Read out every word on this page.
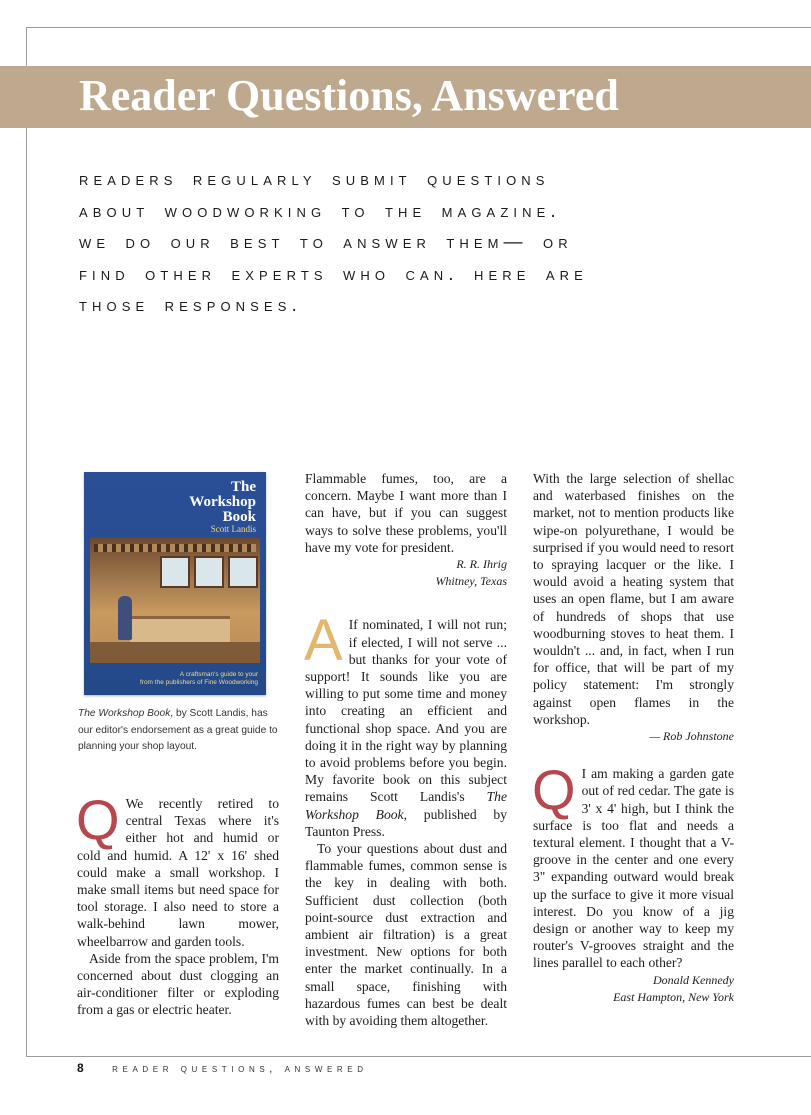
Reader Questions, Answered

readers regularly submit questions
about woodworking to the magazine.
we do our best to answer them— or
find other experts who can. here are
those responses.

The
Workshop
Book
Scott Landis
A craftsman's guide to your
from the publishers of Fine Woodworking

The Workshop Book, by Scott Landis, has our editor's endorsement as a great guide to planning your shop layout.

Q We recently retired to central Texas where it's either hot and humid or cold and humid. A 12' x 16' shed could make a small workshop. I make small items but need space for tool storage. I also need to store a walk-behind lawn mower, wheelbarrow and garden tools.

Aside from the space problem, I'm concerned about dust clogging an air-conditioner filter or exploding from a gas or electric heater.

Flammable fumes, too, are a concern. Maybe I want more than I can have, but if you can suggest ways to solve these problems, you'll have my vote for president.

R. R. Ihrig

Whitney, Texas

A If nominated, I will not run; if elected, I will not serve ... but thanks for your vote of support! It sounds like you are willing to put some time and money into creating an efficient and functional shop space. And you are doing it in the right way by planning to avoid problems before you begin. My favorite book on this subject remains Scott Landis's The Workshop Book, published by Taunton Press.

To your questions about dust and flammable fumes, common sense is the key in dealing with both. Sufficient dust collection (both point-source dust extraction and ambient air filtration) is a great investment. New options for both enter the market continually. In a small space, finishing with hazardous fumes can best be dealt with by avoiding them altogether.

With the large selection of shellac and waterbased finishes on the market, not to mention products like wipe-on polyurethane, I would be surprised if you would need to resort to spraying lacquer or the like. I would avoid a heating system that uses an open flame, but I am aware of hundreds of shops that use woodburning stoves to heat them. I wouldn't ... and, in fact, when I run for office, that will be part of my policy statement: I'm strongly against open flames in the workshop.

— Rob Johnstone

Q I am making a garden gate out of red cedar. The gate is 3' x 4' high, but I think the surface is too flat and needs a textural element. I thought that a V-groove in the center and one every 3" expanding outward would break up the surface to give it more visual interest. Do you know of a jig design or another way to keep my router's V-grooves straight and the lines parallel to each other?

Donald Kennedy

East Hampton, New York

8	reader questions, answered
